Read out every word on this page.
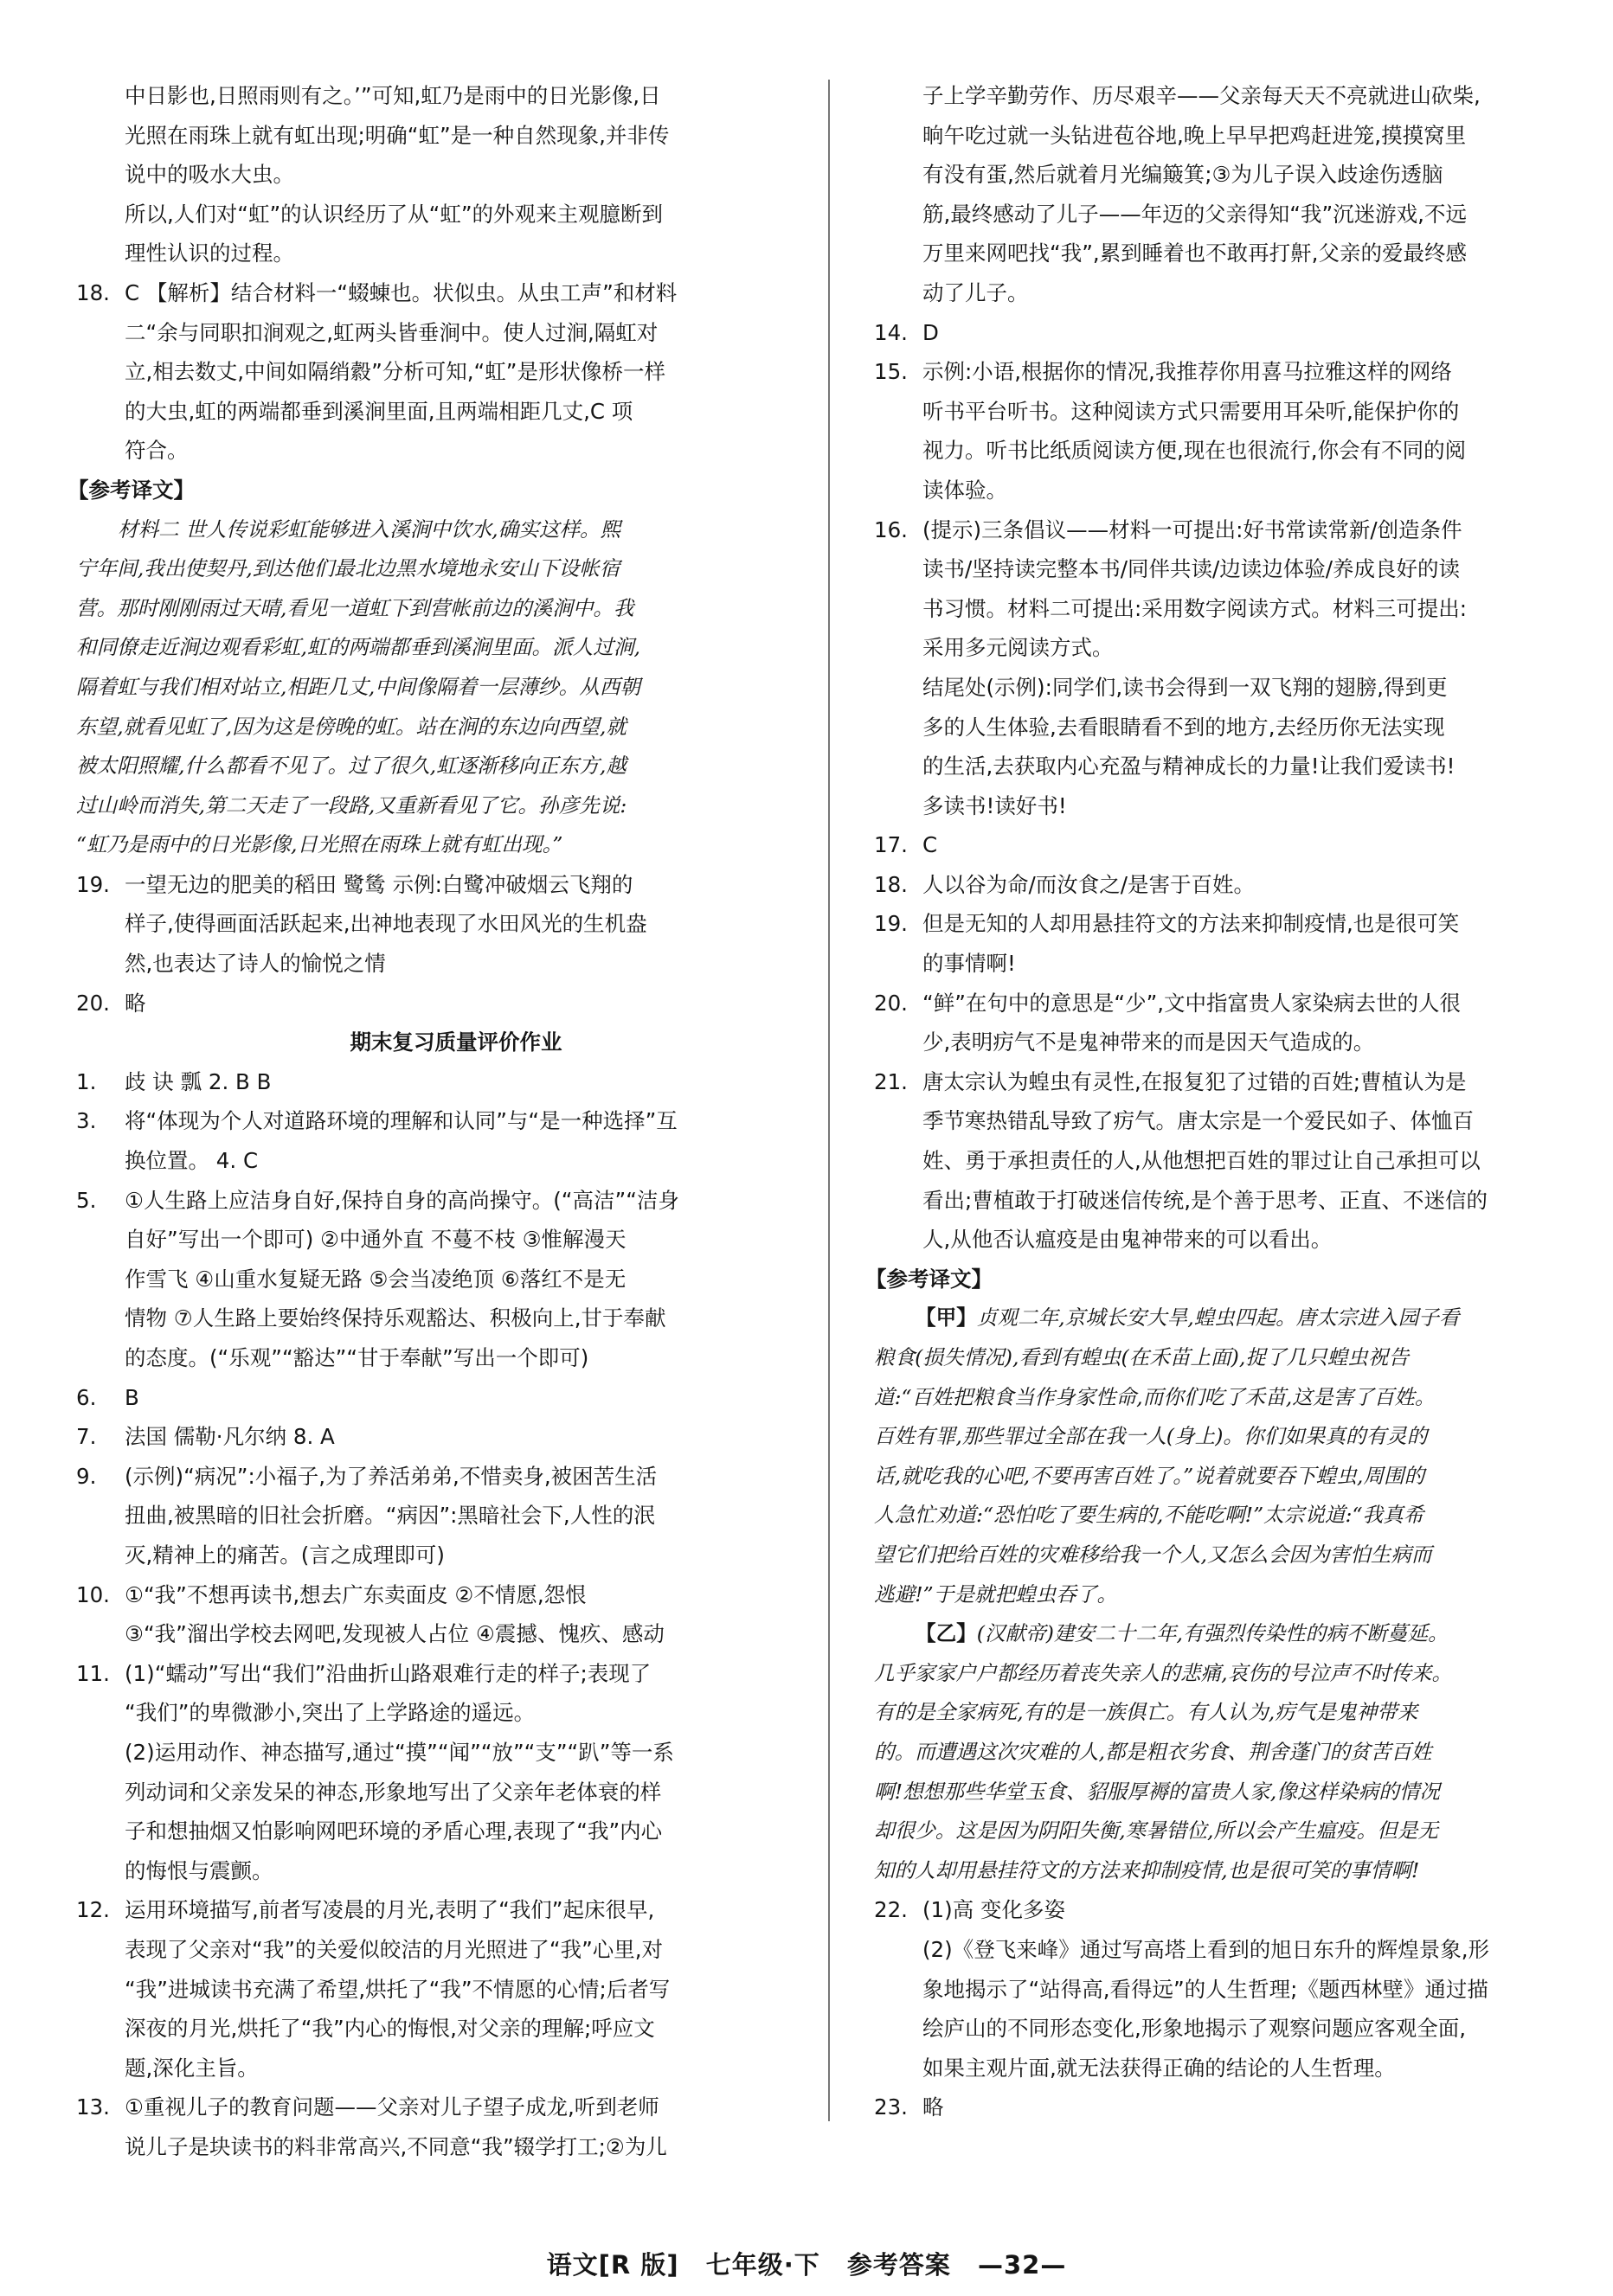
中日影也,日照雨则有之。’”可知,虹乃是雨中的日光影像,日
光照在雨珠上就有虹出现;明确“虹”是一种自然现象,并非传
说中的吸水大虫。
所以,人们对“虹”的认识经历了从“虹”的外观来主观臆断到
理性认识的过程。
18. C 【解析】结合材料一“蝃蝀也。状似虫。从虫工声”和材料
二“余与同职扣涧观之,虹两头皆垂涧中。使人过涧,隔虹对
立,相去数丈,中间如隔绡縠”分析可知,“虹”是形状像桥一样
的大虫,虹的两端都垂到溪涧里面,且两端相距几丈,C 项
符合。
【参考译文】
材料二 世人传说彩虹能够进入溪涧中饮水,确实这样。熙
宁年间,我出使契丹,到达他们最北边黑水境地永安山下设帐宿
营。那时刚刚雨过天晴,看见一道虹下到营帐前边的溪涧中。我
和同僚走近涧边观看彩虹,虹的两端都垂到溪涧里面。派人过涧,
隔着虹与我们相对站立,相距几丈,中间像隔着一层薄纱。从西朝
东望,就看见虹了,因为这是傍晚的虹。站在涧的东边向西望,就
被太阳照耀,什么都看不见了。过了很久,虹逐渐移向正东方,越
过山岭而消失,第二天走了一段路,又重新看见了它。孙彦先说:
“虹乃是雨中的日光影像,日光照在雨珠上就有虹出现。”
19. 一望无边的肥美的稻田 鹭鸶 示例:白鹭冲破烟云飞翔的
样子,使得画面活跃起来,出神地表现了水田风光的生机盎
然,也表达了诗人的愉悦之情
20. 略
期末复习质量评价作业
1. 歧 诀 瓢 2. B B
3. 将“体现为个人对道路环境的理解和认同”与“是一种选择”互
换位置。 4. C
5. ①人生路上应洁身自好,保持自身的高尚操守。(“高洁”“洁身
自好”写出一个即可) ②中通外直 不蔓不枝 ③惟解漫天
作雪飞 ④山重水复疑无路 ⑤会当凌绝顶 ⑥落红不是无
情物 ⑦人生路上要始终保持乐观豁达、积极向上,甘于奉献
的态度。(“乐观”“豁达”“甘于奉献”写出一个即可)
6. B
7. 法国 儒勒·凡尔纳 8. A
9. (示例)“病况”:小福子,为了养活弟弟,不惜卖身,被困苦生活
扭曲,被黑暗的旧社会折磨。“病因”:黑暗社会下,人性的泯
灭,精神上的痛苦。(言之成理即可)
10. ①“我”不想再读书,想去广东卖面皮 ②不情愿,怨恨
③“我”溜出学校去网吧,发现被人占位 ④震撼、愧疚、感动
11. (1)“蠕动”写出“我们”沿曲折山路艰难行走的样子;表现了
“我们”的卑微渺小,突出了上学路途的遥远。
(2)运用动作、神态描写,通过“摸”“闻”“放”“支”“趴”等一系
列动词和父亲发呆的神态,形象地写出了父亲年老体衰的样
子和想抽烟又怕影响网吧环境的矛盾心理,表现了“我”内心
的悔恨与震颤。
12. 运用环境描写,前者写凌晨的月光,表明了“我们”起床很早,
表现了父亲对“我”的关爱似皎洁的月光照进了“我”心里,对
“我”进城读书充满了希望,烘托了“我”不情愿的心情;后者写
深夜的月光,烘托了“我”内心的悔恨,对父亲的理解;呼应文
题,深化主旨。
13. ①重视儿子的教育问题——父亲对儿子望子成龙,听到老师
说儿子是块读书的料非常高兴,不同意“我”辍学打工;②为儿
子上学辛勤劳作、历尽艰辛——父亲每天天不亮就进山砍柴,
晌午吃过就一头钻进苞谷地,晚上早早把鸡赶进笼,摸摸窝里
有没有蛋,然后就着月光编簸箕;③为儿子误入歧途伤透脑
筋,最终感动了儿子——年迈的父亲得知“我”沉迷游戏,不远
万里来网吧找“我”,累到睡着也不敢再打鼾,父亲的爱最终感
动了儿子。
14. D
15. 示例:小语,根据你的情况,我推荐你用喜马拉雅这样的网络
听书平台听书。这种阅读方式只需要用耳朵听,能保护你的
视力。听书比纸质阅读方便,现在也很流行,你会有不同的阅
读体验。
16. (提示)三条倡议——材料一可提出:好书常读常新/创造条件
读书/坚持读完整本书/同伴共读/边读边体验/养成良好的读
书习惯。材料二可提出:采用数字阅读方式。材料三可提出:
采用多元阅读方式。
结尾处(示例):同学们,读书会得到一双飞翔的翅膀,得到更
多的人生体验,去看眼睛看不到的地方,去经历你无法实现
的生活,去获取内心充盈与精神成长的力量!让我们爱读书!
多读书!读好书!
17. C
18. 人以谷为命/而汝食之/是害于百姓。
19. 但是无知的人却用悬挂符文的方法来抑制疫情,也是很可笑
的事情啊!
20. “鲜”在句中的意思是“少”,文中指富贵人家染病去世的人很
少,表明疠气不是鬼神带来的而是因天气造成的。
21. 唐太宗认为蝗虫有灵性,在报复犯了过错的百姓;曹植认为是
季节寒热错乱导致了疠气。唐太宗是一个爱民如子、体恤百
姓、勇于承担责任的人,从他想把百姓的罪过让自己承担可以
看出;曹植敢于打破迷信传统,是个善于思考、正直、不迷信的
人,从他否认瘟疫是由鬼神带来的可以看出。
【参考译文】
【甲】贞观二年,京城长安大旱,蝗虫四起。唐太宗进入园子看
粮食(损失情况),看到有蝗虫(在禾苗上面),捉了几只蝗虫祝告
道:“百姓把粮食当作身家性命,而你们吃了禾苗,这是害了百姓。
百姓有罪,那些罪过全部在我一人(身上)。你们如果真的有灵的
话,就吃我的心吧,不要再害百姓了。”说着就要吞下蝗虫,周围的
人急忙劝道:“恐怕吃了要生病的,不能吃啊!”太宗说道:“我真希
望它们把给百姓的灾难移给我一个人,又怎么会因为害怕生病而
逃避!”于是就把蝗虫吞了。
【乙】(汉献帝)建安二十二年,有强烈传染性的病不断蔓延。
几乎家家户户都经历着丧失亲人的悲痛,哀伤的号泣声不时传来。
有的是全家病死,有的是一族俱亡。有人认为,疠气是鬼神带来
的。而遭遇这次灾难的人,都是粗衣劣食、荆舍蓬门的贫苦百姓
啊!想想那些华堂玉食、貂服厚褥的富贵人家,像这样染病的情况
却很少。这是因为阴阳失衡,寒暑错位,所以会产生瘟疫。但是无
知的人却用悬挂符文的方法来抑制疫情,也是很可笑的事情啊!
22. (1)高 变化多姿
(2)《登飞来峰》通过写高塔上看到的旭日东升的辉煌景象,形
象地揭示了“站得高,看得远”的人生哲理;《题西林壁》通过描
绘庐山的不同形态变化,形象地揭示了观察问题应客观全面,
如果主观片面,就无法获得正确的结论的人生哲理。
23. 略
语文[R 版] 七年级·下 参考答案 —32—
